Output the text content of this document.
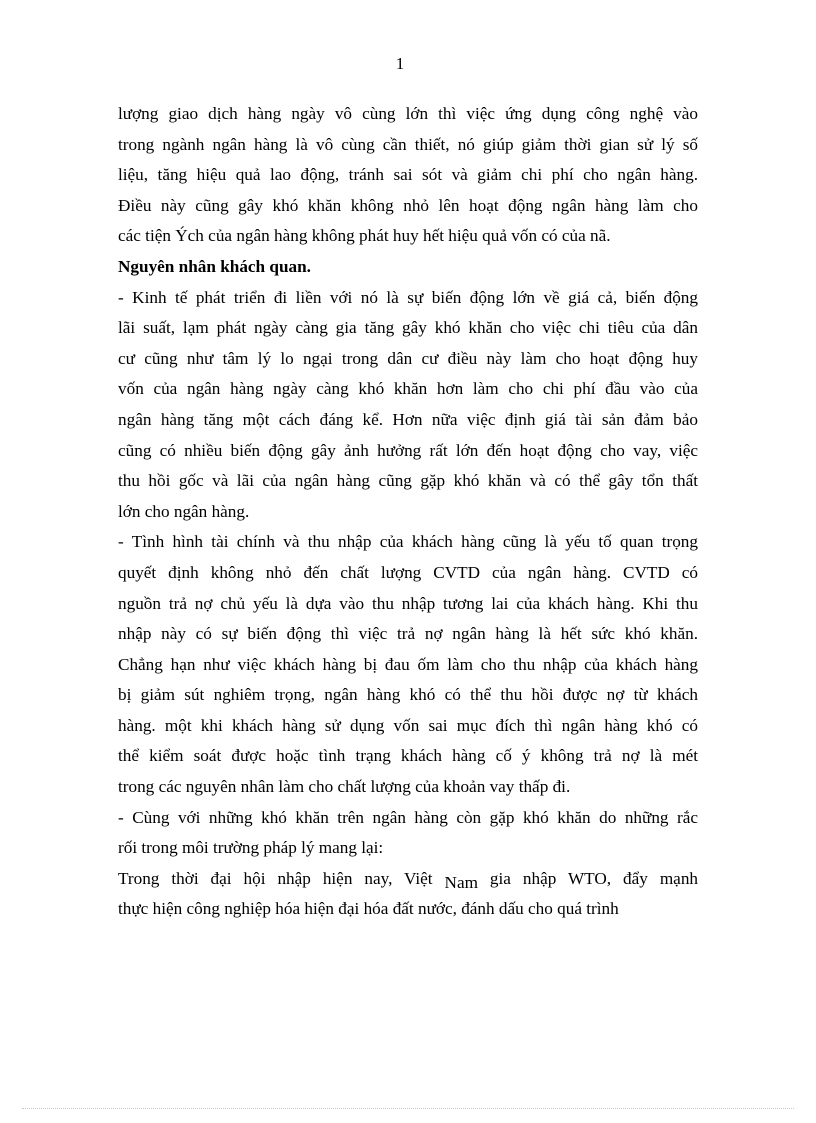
1
lượng giao dịch hàng ngày vô cùng lớn thì việc ứng dụng công nghệ vào
trong ngành ngân hàng là vô cùng cần thiết, nó giúp giảm thời gian sử lý số
liệu, tăng hiệu quả lao động, tránh sai sót và giảm chi phí cho ngân hàng.
Điều này cũng gây khó khăn không nhỏ lên hoạt động ngân hàng làm cho
các tiện Ých của ngân hàng không phát huy hết hiệu quả vốn có của nã.
Nguyên nhân khách quan.
- Kinh tế phát triển đi liền với nó là sự biến động lớn về giá cả, biến động
lãi suất, lạm phát ngày càng gia tăng gây khó khăn cho việc chi tiêu của dân
cư cũng như tâm lý lo ngại trong dân cư điều này làm cho hoạt động huy
vốn của ngân hàng ngày càng khó khăn hơn làm cho chi phí đầu vào của
ngân hàng tăng một cách đáng kể. Hơn nữa việc định giá tài sản đảm bảo
cũng có nhiều biến động gây ảnh hưởng rất lớn đến hoạt động cho vay, việc
thu hồi gốc và lãi của ngân hàng cũng gặp khó khăn và có thể gây tổn thất
lớn cho ngân hàng.
- Tình hình tài chính và thu nhập của khách hàng cũng là yếu tố quan trọng
quyết định không nhỏ đến chất lượng CVTD của ngân hàng. CVTD có
nguồn trả nợ chủ yếu là dựa vào thu nhập tương lai của khách hàng. Khi thu
nhập này có sự biến động thì việc trả nợ ngân hàng là hết sức khó khăn.
Chẳng hạn như việc khách hàng bị đau ốm làm cho thu nhập của khách hàng
bị giảm sút nghiêm trọng, ngân hàng khó có thể thu hồi được nợ từ khách
hàng. một khi khách hàng sử dụng vốn sai mục đích thì ngân hàng khó có
thể kiểm soát được hoặc tình trạng khách hàng cố ý không trả nợ là mét
trong các nguyên nhân làm cho chất lượng của khoản vay thấp đi.
- Cùng với những khó khăn trên ngân hàng còn gặp khó khăn do những rắc
rối trong môi trường pháp lý mang lại:
Trong thời đại hội nhập hiện nay, Việt Nam gia nhập WTO, đẩy mạnh
thực hiện công nghiệp hóa hiện đại hóa đất nước, đánh dấu cho quá trình
